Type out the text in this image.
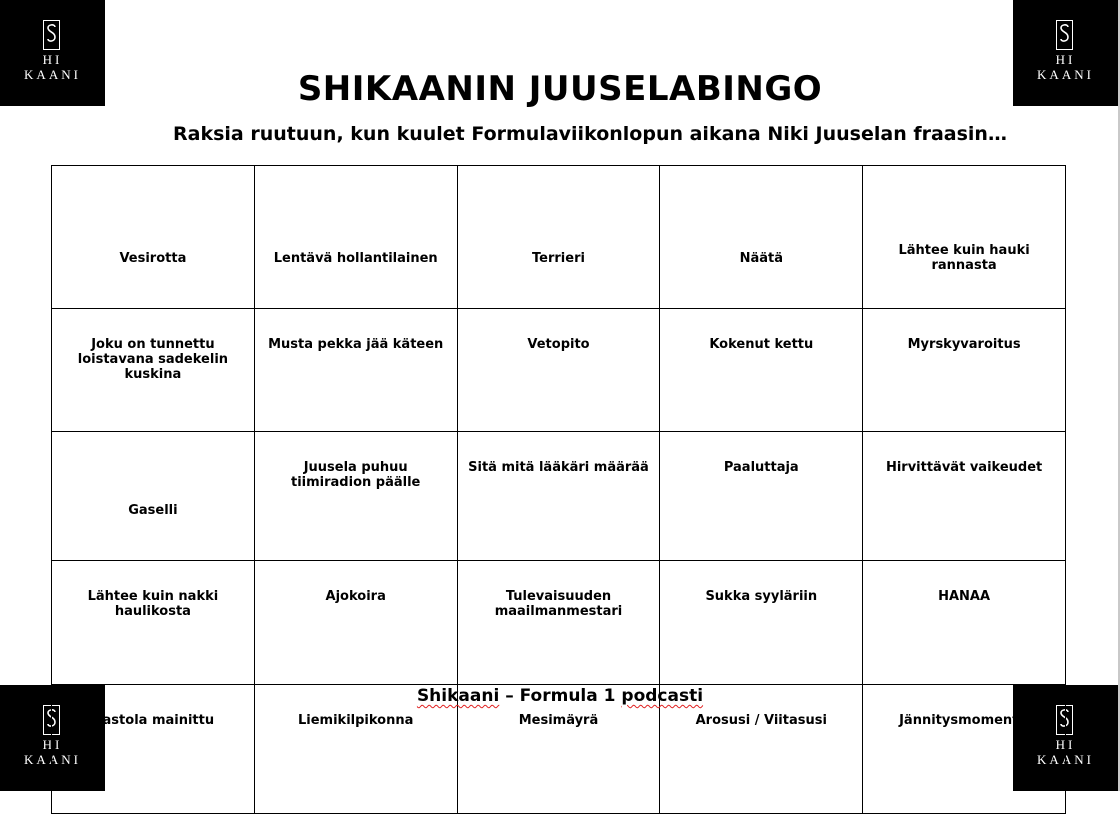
HI
KAANI
HI
KAANI
HI
KAANI
HI
KAANI
SHIKAANIN JUUSELABINGO

Raksia ruutuun, kun kuulet Formulaviikonlopun aikana Niki Juuselan fraasin…

Vesirotta	Lentävä hollantilainen	Terrieri	Näätä	Lähtee kuin hauki rannasta
Joku on tunnettu loistavana sadekelin kuskina	Musta pekka jää käteen	Vetopito	Kokenut kettu	Myrskyvaroitus
Gaselli	Juusela puhuu tiimiradion päälle	Sitä mitä lääkäri määrää	Paaluttaja	Hirvittävät vaikeudet
Lähtee kuin nakki haulikosta	Ajokoira	Tulevaisuuden maailmanmestari	Sukka syyläriin	HANAA
Nastola mainittu	Liemikilpikonna	Mesimäyrä	Arosusi / Viitasusi	Jännitysmomentti
Shikaani – Formula 1 podcasti
